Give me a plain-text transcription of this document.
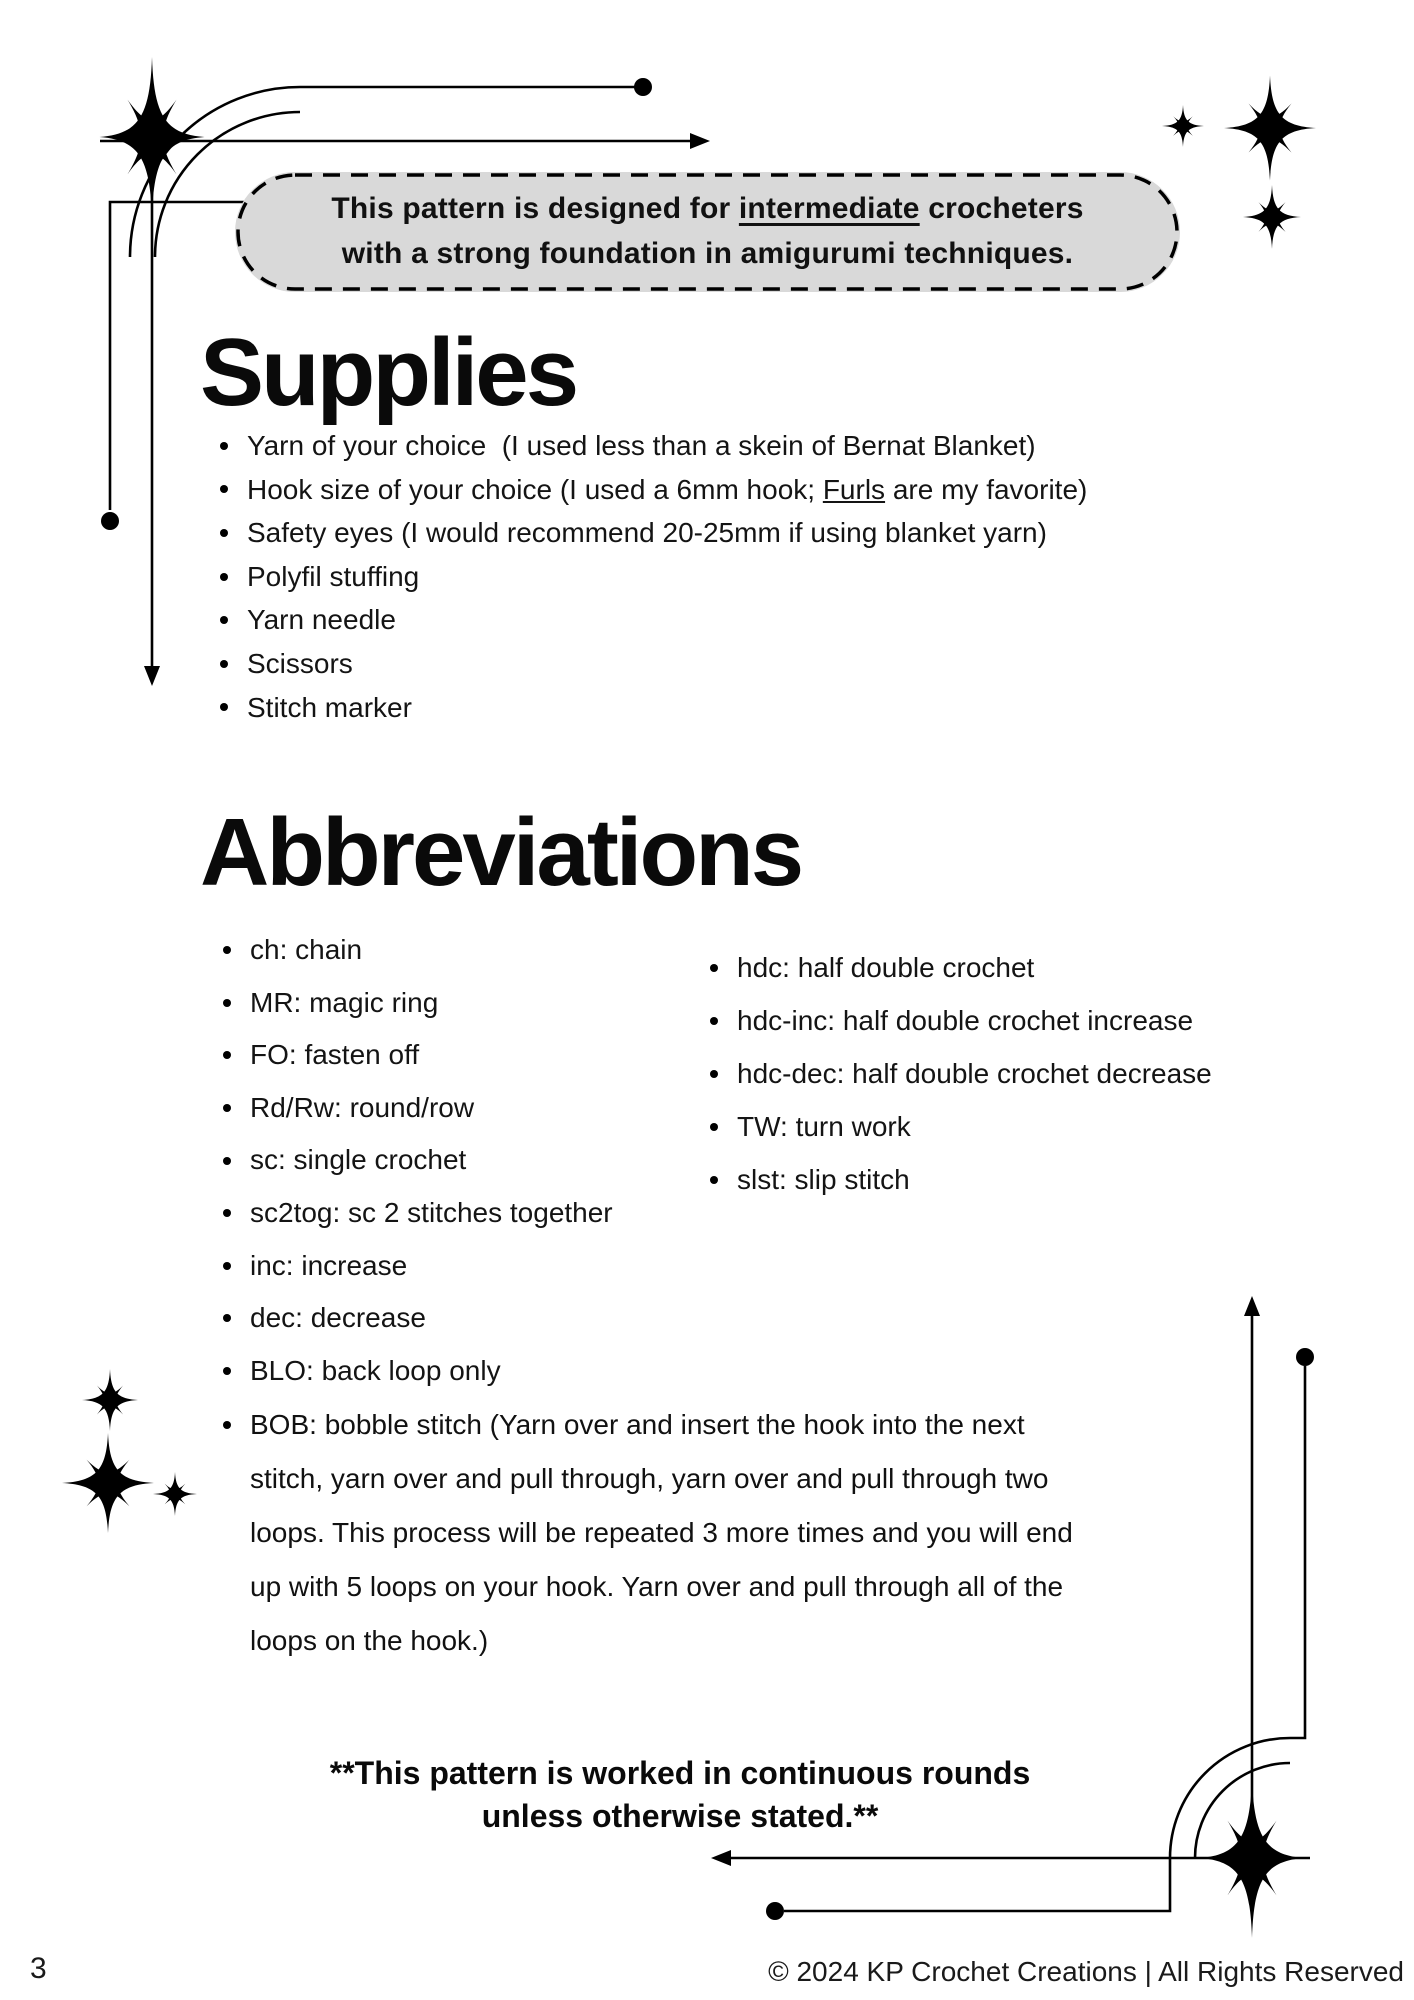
This pattern is designed for intermediate crocheters
with a strong foundation in amigurumi techniques.
Supplies
Yarn of your choice  (I used less than a skein of Bernat Blanket)
Hook size of your choice (I used a 6mm hook; Furls are my favorite)
Safety eyes (I would recommend 20-25mm if using blanket yarn)
Polyfil stuffing
Yarn needle
Scissors
Stitch marker
Abbreviations
ch: chain
MR: magic ring
FO: fasten off
Rd/Rw: round/row
sc: single crochet
sc2tog: sc 2 stitches together
inc: increase
dec: decrease
BLO: back loop only
hdc: half double crochet
hdc-inc: half double crochet increase
hdc-dec: half double crochet decrease
TW: turn work
slst: slip stitch
BOB: bobble stitch (Yarn over and insert the hook into the next
stitch, yarn over and pull through, yarn over and pull through two
loops. This process will be repeated 3 more times and you will end
up with 5 loops on your hook. Yarn over and pull through all of the
loops on the hook.)
**This pattern is worked in continuous rounds
unless otherwise stated.**
3	© 2024 KP Crochet Creations | All Rights Reserved
